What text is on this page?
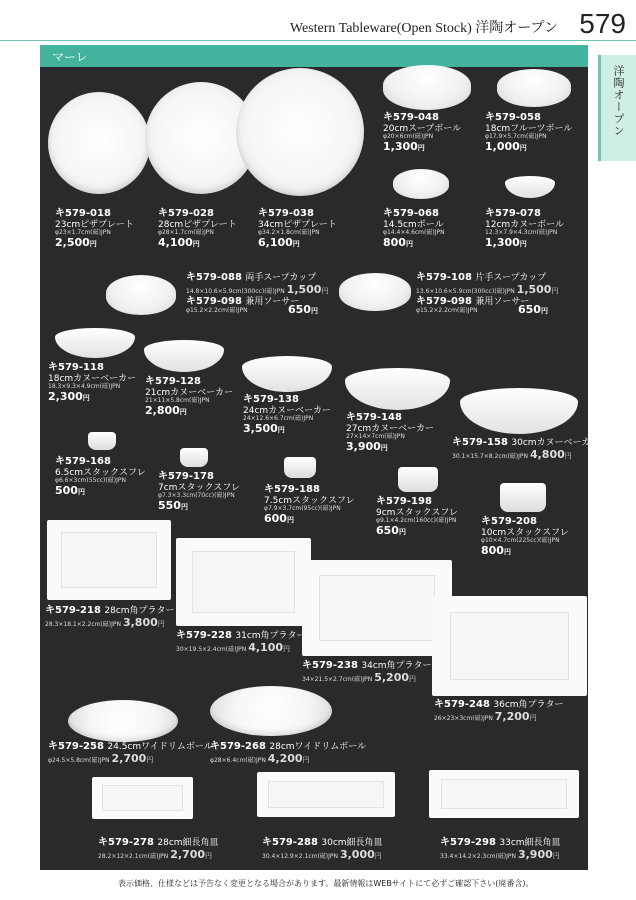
Western Tableware(Open Stock) 洋陶オープン 579
洋陶オープン
マーレ
キ579-018
23cmピザプレート
φ23×1.7cm(磁)JPN
2,500円
キ579-028
28cmピザプレート
φ28×1.7cm(磁)JPN
4,100円
キ579-038
34cmピザプレート
φ34.2×1.8cm(磁)JPN
6,100円
キ579-048
20cmスープボール
φ20×6cm(磁)JPN
1,300円
キ579-058
18cmフルーツボール
φ17.9×5.7cm(磁)JPN
1,000円
キ579-068
14.5cmボール
φ14.4×4.6cm(磁)JPN
800円
キ579-078
12cmカヌーボール
12.3×7.9×4.3cm(磁)JPN
1,300円
キ579-088 両手スープカップ
14.8×10.6×5.9cm(300cc)(磁)JPN 1,500円
キ579-098 兼用ソーサー
φ15.2×2.2cm(磁)JPN	650円
キ579-108 片手スープカップ
13.6×10.6×5.9cm(300cc)(磁)JPN 1,500円
キ579-098 兼用ソーサー
φ15.2×2.2cm(磁)JPN	650円
キ579-118
18cmカヌーベーカー
18.3×9.3×4.9cm(磁)JPN
2,300円
キ579-128
21cmカヌーベーカー
21×11×5.8cm(磁)JPN
2,800円
キ579-138
24cmカヌーベーカー
24×12.6×6.7cm(磁)JPN
3,500円
キ579-148
27cmカヌーベーカー
27×14×7cm(磁)JPN
3,900円	キ579-158 30cmカヌーベーカー
30.1×15.7×8.2cm(磁)JPN 4,800円
キ579-168
6.5cmスタックスフレ
φ6.6×3cm(55cc)(磁)JPN
500円
キ579-178
7cmスタックスフレ
φ7.3×3.3cm(70cc)(磁)JPN
550円
キ579-188
7.5cmスタックスフレ
φ7.9×3.7cm(95cc)(磁)JPN
600円
キ579-198
9cmスタックスフレ
φ9.1×4.2cm(160cc)(磁)JPN
650円
キ579-208
10cmスタックスフレ
φ10×4.7cm(225cc)(磁)JPN
800円
キ579-218 28cm角プラター
28.3×18.1×2.2cm(磁)JPN 3,800円
キ579-228 31cm角プラター
30×19.5×2.4cm(磁)JPN 4,100円
キ579-238 34cm角プラター
34×21.5×2.7cm(磁)JPN 5,200円
キ579-248 36cm角プラター
26×23×3cm(磁)JPN 7,200円
キ579-258 24.5cmワイドリムボール
φ24.5×5.8cm(磁)JPN 2,700円
キ579-268 28cmワイドリムボール
φ28×6.4cm(磁)JPN 4,200円
キ579-278 28cm細長角皿
28.2×12×2.1cm(磁)JPN 2,700円
キ579-288 30cm細長角皿
30.4×12.9×2.1cm(磁)JPN 3,000円
キ579-298 33cm細長角皿
33.4×14.2×2.3cm(磁)JPN 3,900円
表示価格、仕様などは予告なく変更となる場合があります。最新情報はWEBサイトにて必ずご確認下さい(廃番含)。
